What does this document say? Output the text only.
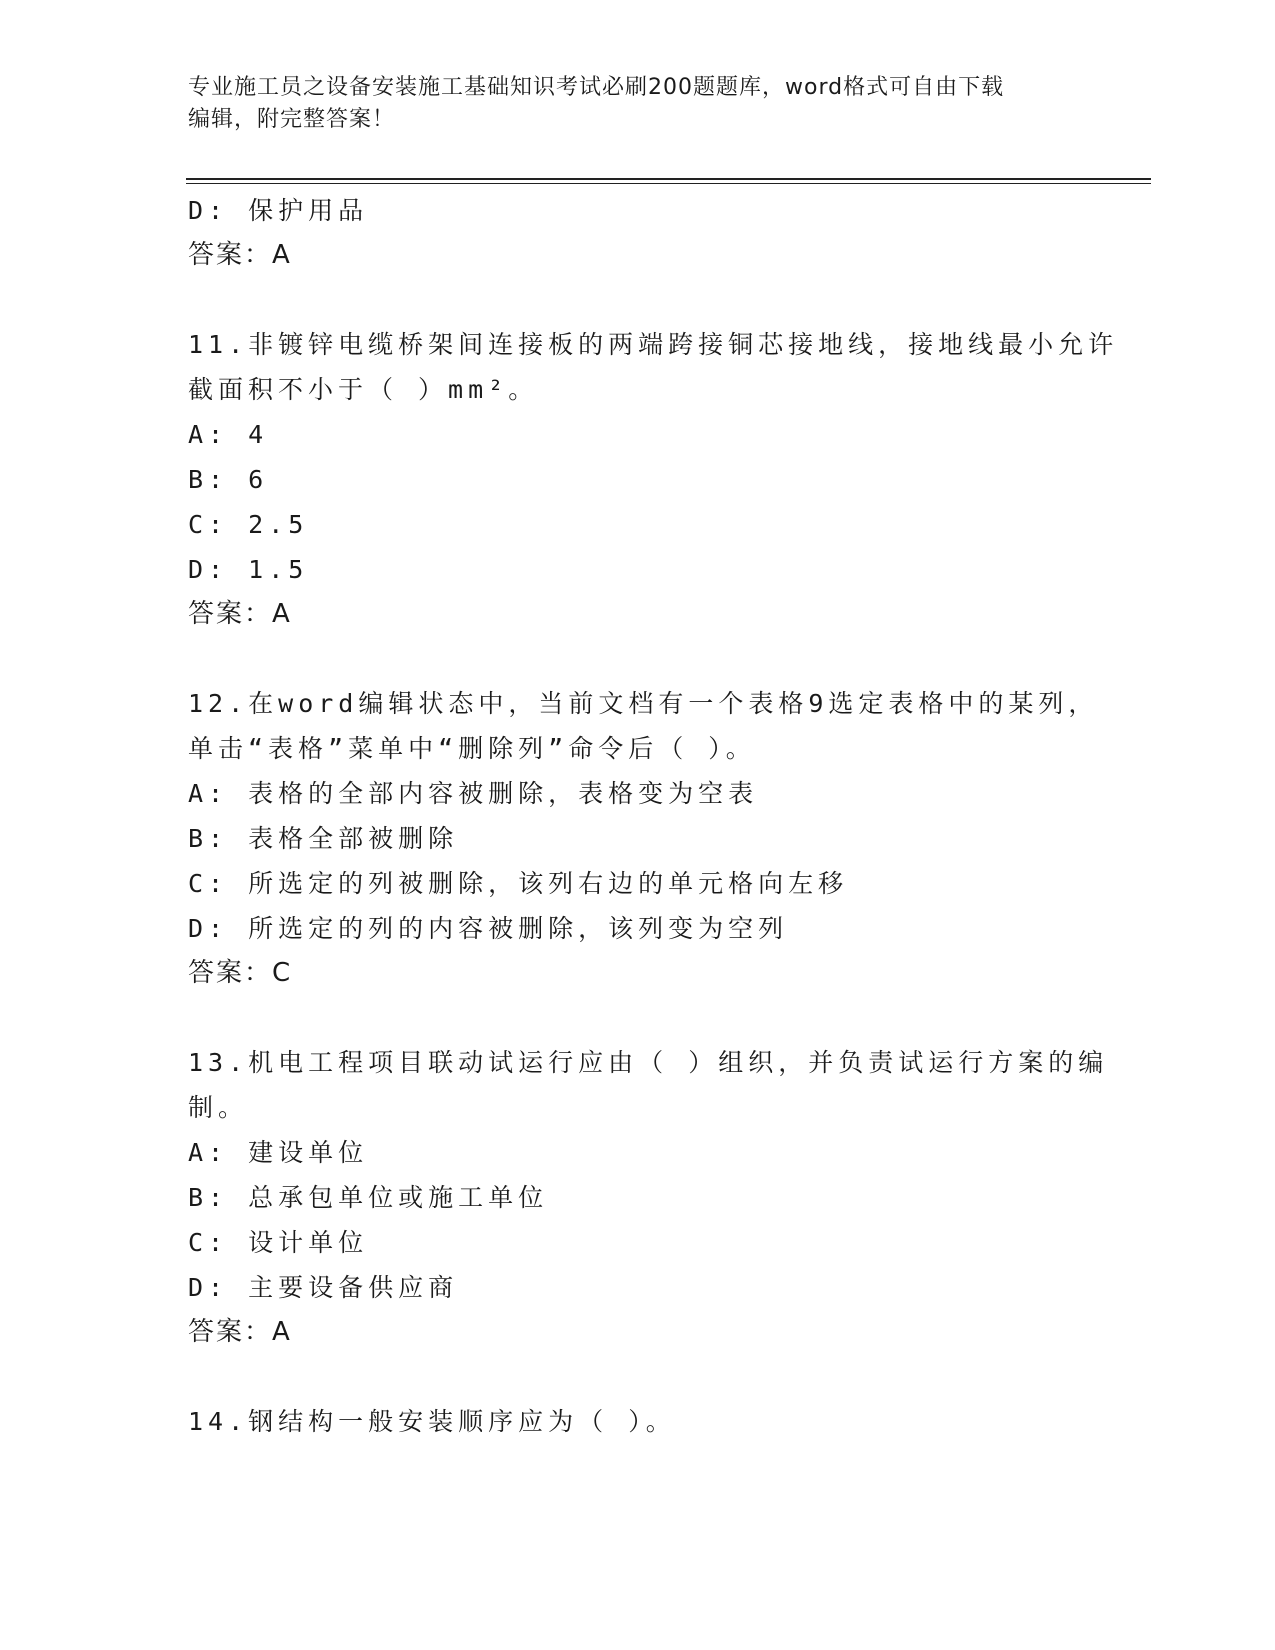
专业施工员之设备安装施工基础知识考试必刷200题题库，word格式可自由下载
编辑，附完整答案！
D: 保护用品
答案：A
11.非镀锌电缆桥架间连接板的两端跨接铜芯接地线，接地线最小允许
截面积不小于（ ）mm²。
A: 4
B: 6
C: 2.5
D: 1.5
答案：A
12.在word编辑状态中，当前文档有一个表格9选定表格中的某列，
单击“表格”菜单中“删除列”命令后（ ）。
A: 表格的全部内容被删除，表格变为空表
B: 表格全部被删除
C: 所选定的列被删除，该列右边的单元格向左移
D: 所选定的列的内容被删除，该列变为空列
答案：C
13.机电工程项目联动试运行应由（ ）组织，并负责试运行方案的编
制。
A: 建设单位
B: 总承包单位或施工单位
C: 设计单位
D: 主要设备供应商
答案：A
14.钢结构一般安装顺序应为（ ）。
